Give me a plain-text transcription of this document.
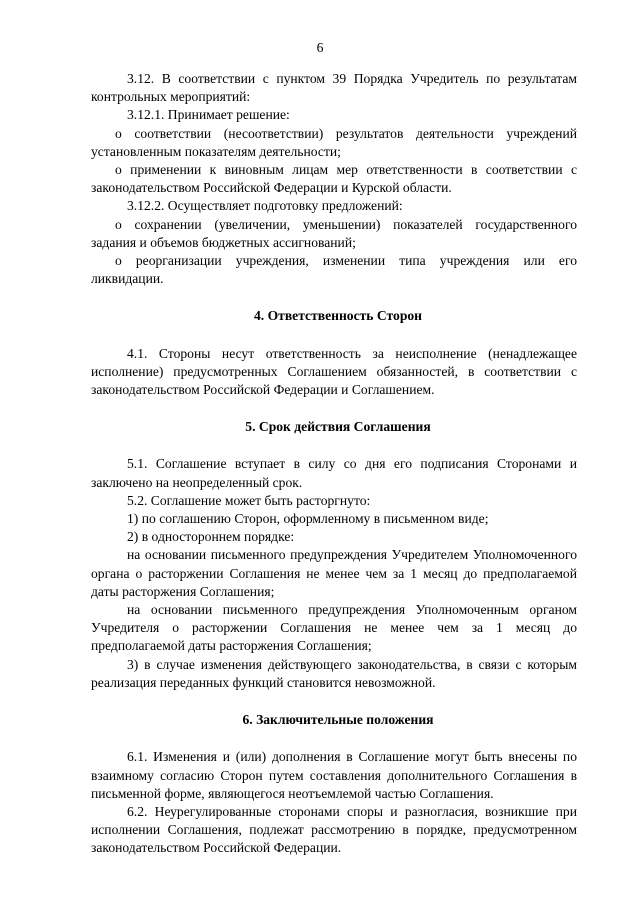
6

3.12. В соответствии с пунктом 39 Порядка Учредитель по результатам контрольных мероприятий:

3.12.1. Принимает решение:

о соответствии (несоответствии) результатов деятельности учреждений установленным показателям деятельности;

о применении к виновным лицам мер ответственности в соответствии с законодательством Российской Федерации и Курской области.

3.12.2. Осуществляет подготовку предложений:

о сохранении (увеличении, уменьшении) показателей государственного задания и объемов бюджетных ассигнований;

о реорганизации учреждения, изменении типа учреждения или его ликвидации.

4. Ответственность Сторон

4.1. Стороны несут ответственность за неисполнение (ненадлежащее исполнение) предусмотренных Соглашением обязанностей, в соответствии с законодательством Российской Федерации и Соглашением.

5. Срок действия Соглашения

5.1. Соглашение вступает в силу со дня его подписания Сторонами и заключено на неопределенный срок.

5.2. Соглашение может быть расторгнуто:

1) по соглашению Сторон, оформленному в письменном виде;

2) в одностороннем порядке:

на основании письменного предупреждения Учредителем Уполномоченного органа о расторжении Соглашения не менее чем за 1 месяц до предполагаемой даты расторжения Соглашения;

на основании письменного предупреждения Уполномоченным органом Учредителя о расторжении Соглашения не менее чем за 1 месяц до предполагаемой даты расторжения Соглашения;

3) в случае изменения действующего законодательства, в связи с которым реализация переданных функций становится невозможной.

6. Заключительные положения

6.1. Изменения и (или) дополнения в Соглашение могут быть внесены по взаимному согласию Сторон путем составления дополнительного Соглашения в письменной форме, являющегося неотъемлемой частью Соглашения.

6.2. Неурегулированные сторонами споры и разногласия, возникшие при исполнении Соглашения, подлежат рассмотрению в порядке, предусмотренном законодательством Российской Федерации.
